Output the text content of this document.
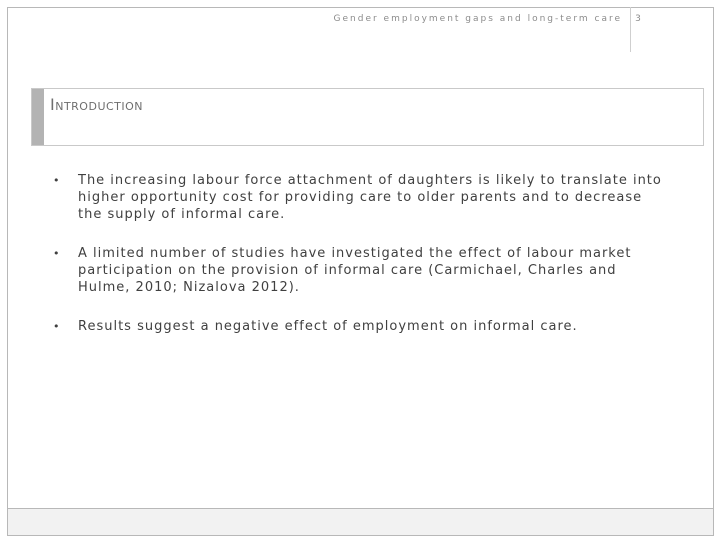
Gender employment gaps and long-term care 3
Introduction
• The increasing labour force attachment of daughters is likely to translate into higher opportunity cost for providing care to older parents and to decrease the supply of informal care.
• A limited number of studies have investigated the effect of labour market participation on the provision of informal care (Carmichael, Charles and Hulme, 2010; Nizalova 2012).
• Results suggest a negative effect of employment on informal care.
